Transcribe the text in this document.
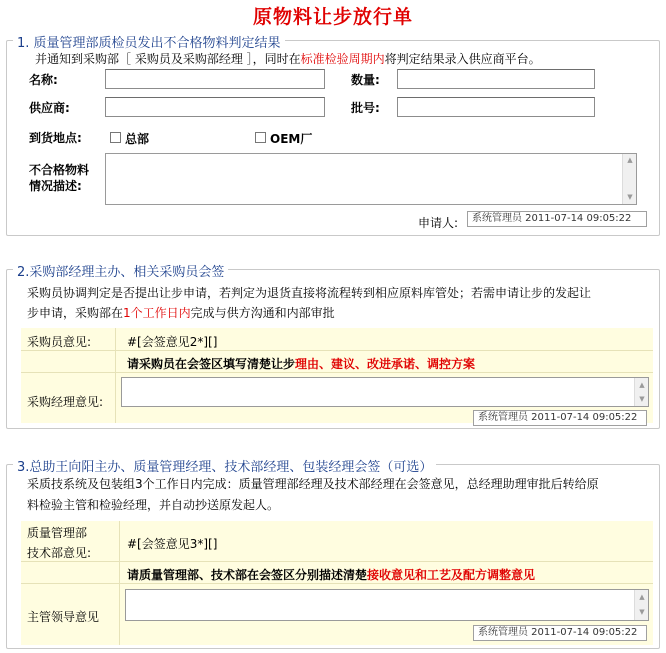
原物料让步放行单
1. 质量管理部质检员发出不合格物料判定结果
并通知到采购部［ 采购员及采购部经理 ］，同时在标准检验周期内将判定结果录入供应商平台。
名称:	数量:
供应商:	批号:
到货地点:	总部	OEM厂
不合格物料
情况描述:
▲
▼
申请人:	系统管理员 2011-07-14 09:05:22
2.采购部经理主办、相关采购员会签
采购员协调判定是否提出让步申请，若判定为退货直接将流程转到相应原料库管处；若需申请让步的发起让
步申请，采购部在1个工作日内完成与供方沟通和内部审批
采购员意见:	#[会签意见2*][]
请采购员在会签区填写清楚让步理由、建议、改进承诺、调控方案
采购经理意见:
▲
▼
系统管理员 2011-07-14 09:05:22
3.总助王向阳主办、质量管理经理、技术部经理、包装经理会签（可选）
采质技系统及包装组3个工作日内完成：质量管理部经理及技术部经理在会签意见，总经理助理审批后转给原
料检验主管和检验经理，并自动抄送原发起人。
质量管理部
技术部意见:
#[会签意见3*][]
请质量管理部、技术部在会签区分别描述清楚接收意见和工艺及配方调整意见
主管领导意见
▲
▼
系统管理员 2011-07-14 09:05:22
